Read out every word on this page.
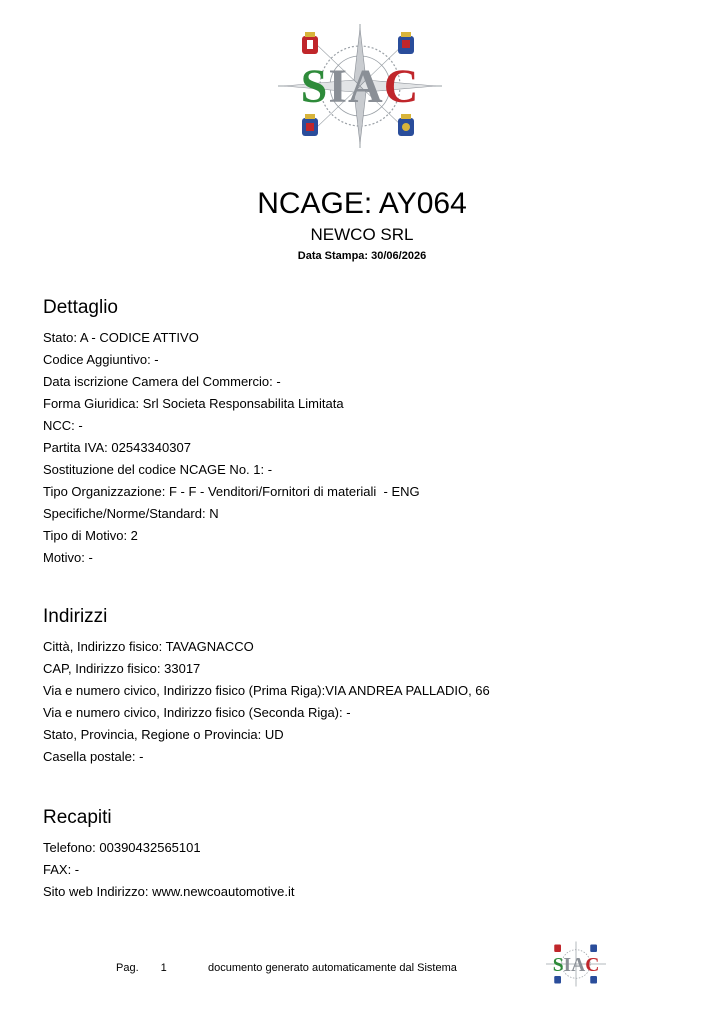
SIAC
NCAGE: AY064
NEWCO SRL
Data Stampa: 30/06/2026
Dettaglio
Stato: A - CODICE ATTIVO
Codice Aggiuntivo: -
Data iscrizione Camera del Commercio: -
Forma Giuridica: Srl Societa Responsabilita Limitata
NCC: -
Partita IVA: 02543340307
Sostituzione del codice NCAGE No. 1: -
Tipo Organizzazione: F - F - Venditori/Fornitori di materiali  - ENG
Specifiche/Norme/Standard: N
Tipo di Motivo: 2
Motivo: -
Indirizzi
Città, Indirizzo fisico: TAVAGNACCO
CAP, Indirizzo fisico: 33017
Via e numero civico, Indirizzo fisico (Prima Riga):VIA ANDREA PALLADIO, 66
Via e numero civico, Indirizzo fisico (Seconda Riga): -
Stato, Provincia, Regione o Provincia: UD
Casella postale: -
Recapiti
Telefono: 00390432565101
FAX: -
Sito web Indirizzo: www.newcoautomotive.it
Pag. 1	documento generato automaticamente dal Sistema SIAC
